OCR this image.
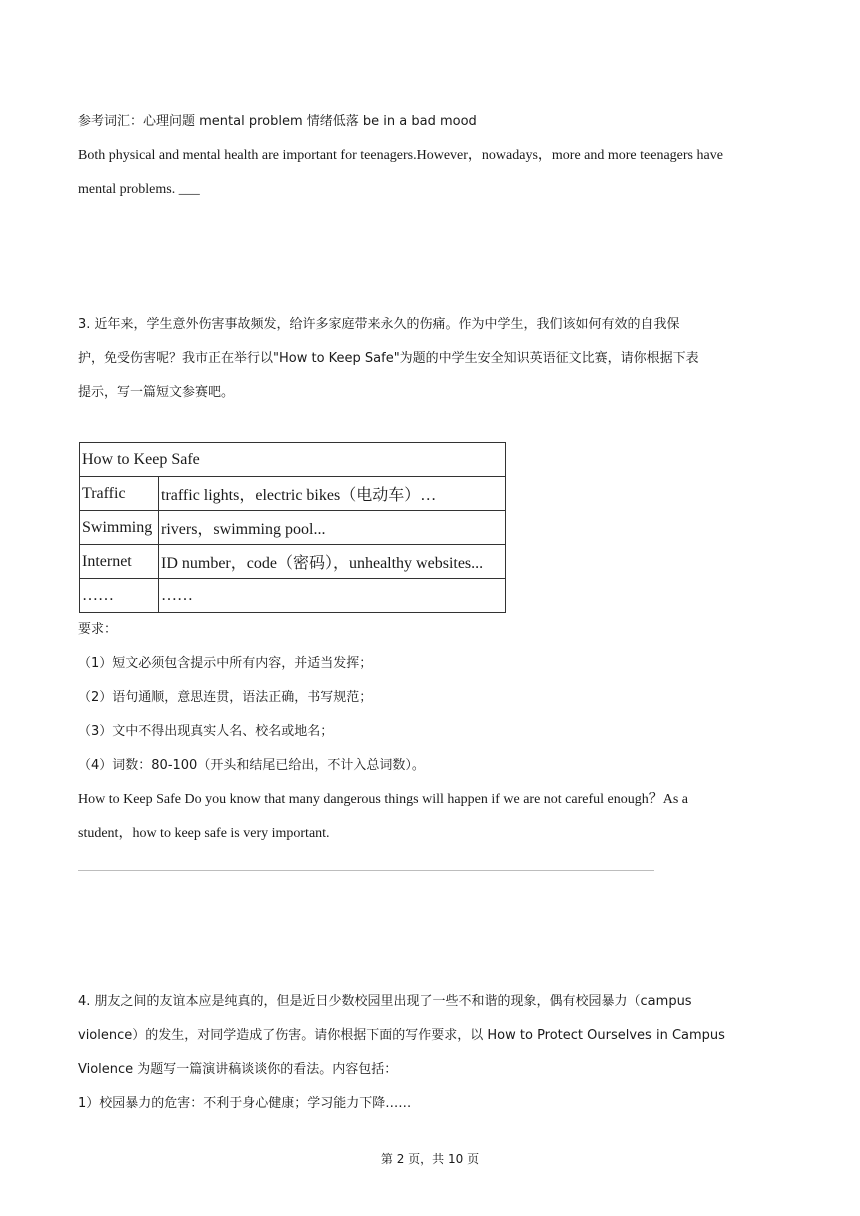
参考词汇：心理问题 mental problem 情绪低落 be in a bad mood
Both physical and mental health are important for teenagers.However，nowadays，more and more teenagers have
mental problems. ___
3. 近年来，学生意外伤害事故频发，给许多家庭带来永久的伤痛。作为中学生，我们该如何有效的自我保
护，免受伤害呢？我市正在举行以"How to Keep Safe"为题的中学生安全知识英语征文比赛，请你根据下表
提示，写一篇短文参赛吧。
How to Keep Safe	
Traffic	traffic lights，electric bikes（电动车）…
Swimming	rivers，swimming pool...
Internet	ID number，code（密码），unhealthy websites...
……	……
要求：
（1）短文必须包含提示中所有内容，并适当发挥；
（2）语句通顺，意思连贯，语法正确，书写规范；
（3）文中不得出现真实人名、校名或地名；
（4）词数：80-100（开头和结尾已给出，不计入总词数）。
How to Keep Safe Do you know that many dangerous things will happen if we are not careful enough？As a
student，how to keep safe is very important.
4. 朋友之间的友谊本应是纯真的，但是近日少数校园里出现了一些不和谐的现象，偶有校园暴力（campus
violence）的发生，对同学造成了伤害。请你根据下面的写作要求，以 How to Protect Ourselves in Campus
Violence 为题写一篇演讲稿谈谈你的看法。内容包括：
1）校园暴力的危害：不利于身心健康；学习能力下降……
第 2 页，共 10 页
